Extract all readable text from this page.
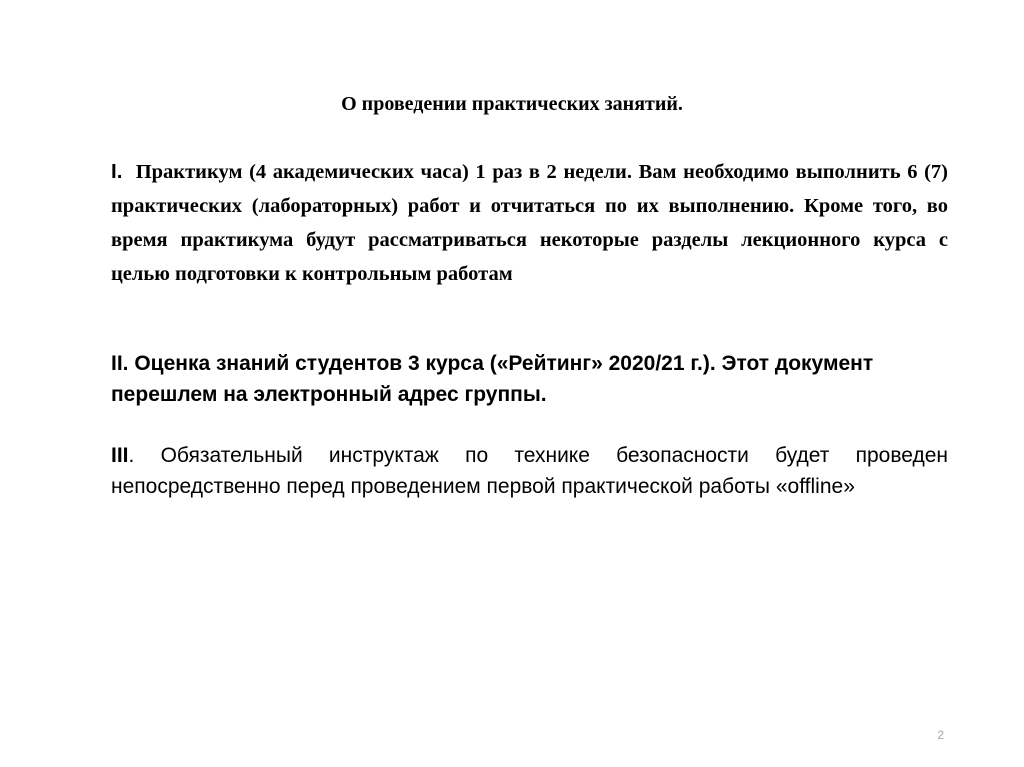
О проведении практических занятий.
I. Практикум (4 академических часа) 1 раз в 2 недели. Вам необходимо выполнить 6 (7) практических (лабораторных) работ и отчитаться по их выполнению. Кроме того, во время практикума будут рассматриваться некоторые разделы лекционного курса с целью подготовки к контрольным работам
II. Оценка знаний студентов 3 курса («Рейтинг» 2020/21 г.). Этот документ перешлем на электронный адрес группы.
III. Обязательный инструктаж по технике безопасности будет проведен непосредственно перед проведением первой практической работы «offline»
2
